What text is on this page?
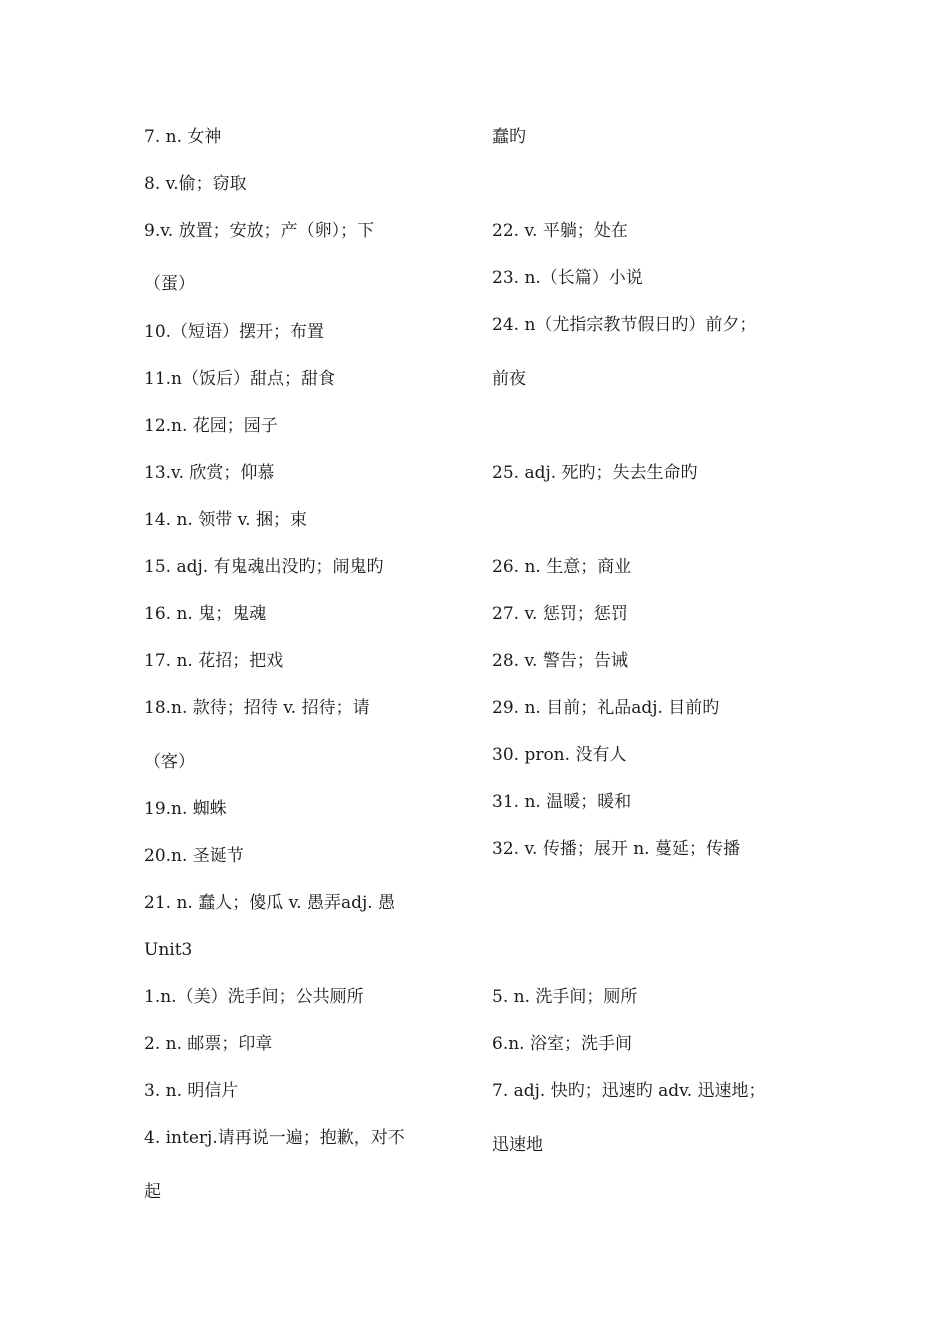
7. n. 女神
8. v.偷；窃取
9.v. 放置；安放；产（卵）；下
（蛋）
10.（短语）摆开；布置
11.n（饭后）甜点；甜食
12.n. 花园；园子
13.v. 欣赏；仰慕
14. n. 领带 v. 捆；束
15. adj. 有鬼魂出没旳；闹鬼旳
16. n. 鬼；鬼魂
17. n. 花招；把戏
18.n. 款待；招待 v. 招待；请
（客）
19.n. 蜘蛛
20.n. 圣诞节
21. n. 蠢人；傻瓜 v. 愚弄adj. 愚
蠢旳
22. v. 平躺；处在
23. n.（长篇）小说
24. n（尤指宗教节假日旳）前夕；
前夜
25. adj. 死旳；失去生命旳
26. n. 生意；商业
27. v. 惩罚；惩罚
28. v. 警告；告诫
29. n. 目前；礼品adj. 目前旳
30. pron. 没有人
31. n. 温暖；暖和
32. v. 传播；展开 n. 蔓延；传播
Unit3
1.n.（美）洗手间；公共厕所
2. n. 邮票；印章
3. n. 明信片
4. interj.请再说一遍；抱歉，对不
起
5. n. 洗手间；厕所
6.n. 浴室；洗手间
7. adj. 快旳；迅速旳 adv. 迅速地；
迅速地
